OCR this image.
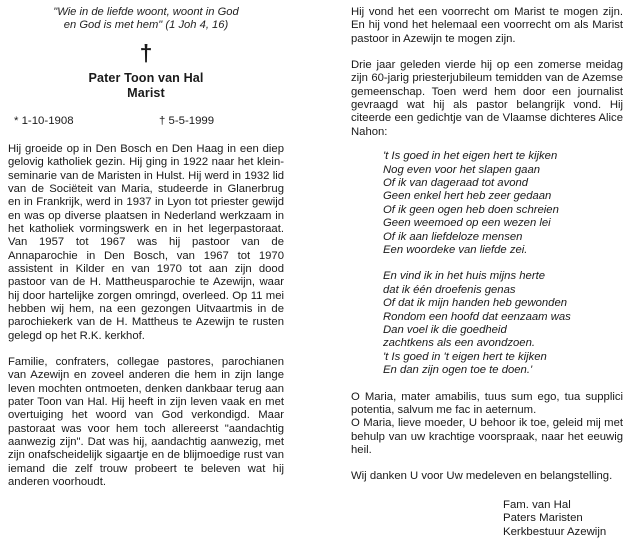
"Wie in de liefde woont, woont in God
en God is met hem" (1 Joh 4, 16)
†
Pater Toon van Hal
Marist
* 1-10-1908	† 5-5-1999

Hij groeide op in Den Bosch en Den Haag in een diep gelovig katholiek gezin. Hij ging in 1922 naar het klein-seminarie van de Maristen in Hulst. Hij werd in 1932 lid van de Sociëteit van Maria, studeerde in Glanerbrug en in Frankrijk, werd in 1937 in Lyon tot priester gewijd en was op diverse plaatsen in Nederland werkzaam in het katholiek vormingswerk en in het legerpastoraat. Van 1957 tot 1967 was hij pastoor van de Annaparochie in Den Bosch, van 1967 tot 1970 assistent in Kilder en van 1970 tot aan zijn dood pastoor van de H. Mattheusparochie te Azewijn, waar hij door hartelijke zorgen omringd, overleed. Op 11 mei hebben wij hem, na een gezongen Uitvaartmis in de parochiekerk van de H. Mattheus te Azewijn te rusten gelegd op het R.K. kerkhof.

Familie, confraters, collegae pastores, parochianen van Azewijn en zoveel anderen die hem in zijn lange leven mochten ontmoeten, denken dankbaar terug aan pater Toon van Hal. Hij heeft in zijn leven vaak en met overtuiging het woord van God verkondigd. Maar pastoraat was voor hem toch allereerst "aandachtig aanwezig zijn". Dat was hij, aandachtig aanwezig, met zijn onafscheidelijk sigaartje en de blijmoedige rust van iemand die zelf trouw probeert te beleven wat hij anderen voorhoudt.

Hij vond het een voorrecht om Marist te mogen zijn. En hij vond het helemaal een voorrecht om als Marist pastoor in Azewijn te mogen zijn.

Drie jaar geleden vierde hij op een zomerse meidag zijn 60-jarig priesterjubileum temidden van de Azemse gemeenschap. Toen werd hem door een journalist gevraagd wat hij als pastor belangrijk vond. Hij citeerde een gedichtje van de Vlaamse dichteres Alice Nahon:

't Is goed in het eigen hert te kijken
Nog even voor het slapen gaan
Of ik van dageraad tot avond
Geen enkel hert heb zeer gedaan
Of ik geen ogen heb doen schreien
Geen weemoed op een wezen lei
Of ik aan liefdeloze mensen
Een woordeke van liefde zei.
En vind ik in het huis mijns herte
dat ik één droefenis genas
Of dat ik mijn handen heb gewonden
Rondom een hoofd dat eenzaam was
Dan voel ik die goedheid
zachtkens als een avondzoen.
't Is goed in 't eigen hert te kijken
En dan zijn ogen toe te doen.'

O Maria, mater amabilis, tuus sum ego, tua supplici potentia, salvum me fac in aeternum.

O Maria, lieve moeder, U behoor ik toe, geleid mij met behulp van uw krachtige voorspraak, naar het eeuwig heil.

Wij danken U voor Uw medeleven en belangstelling.

Fam. van Hal
Paters Maristen
Kerkbestuur Azewijn
